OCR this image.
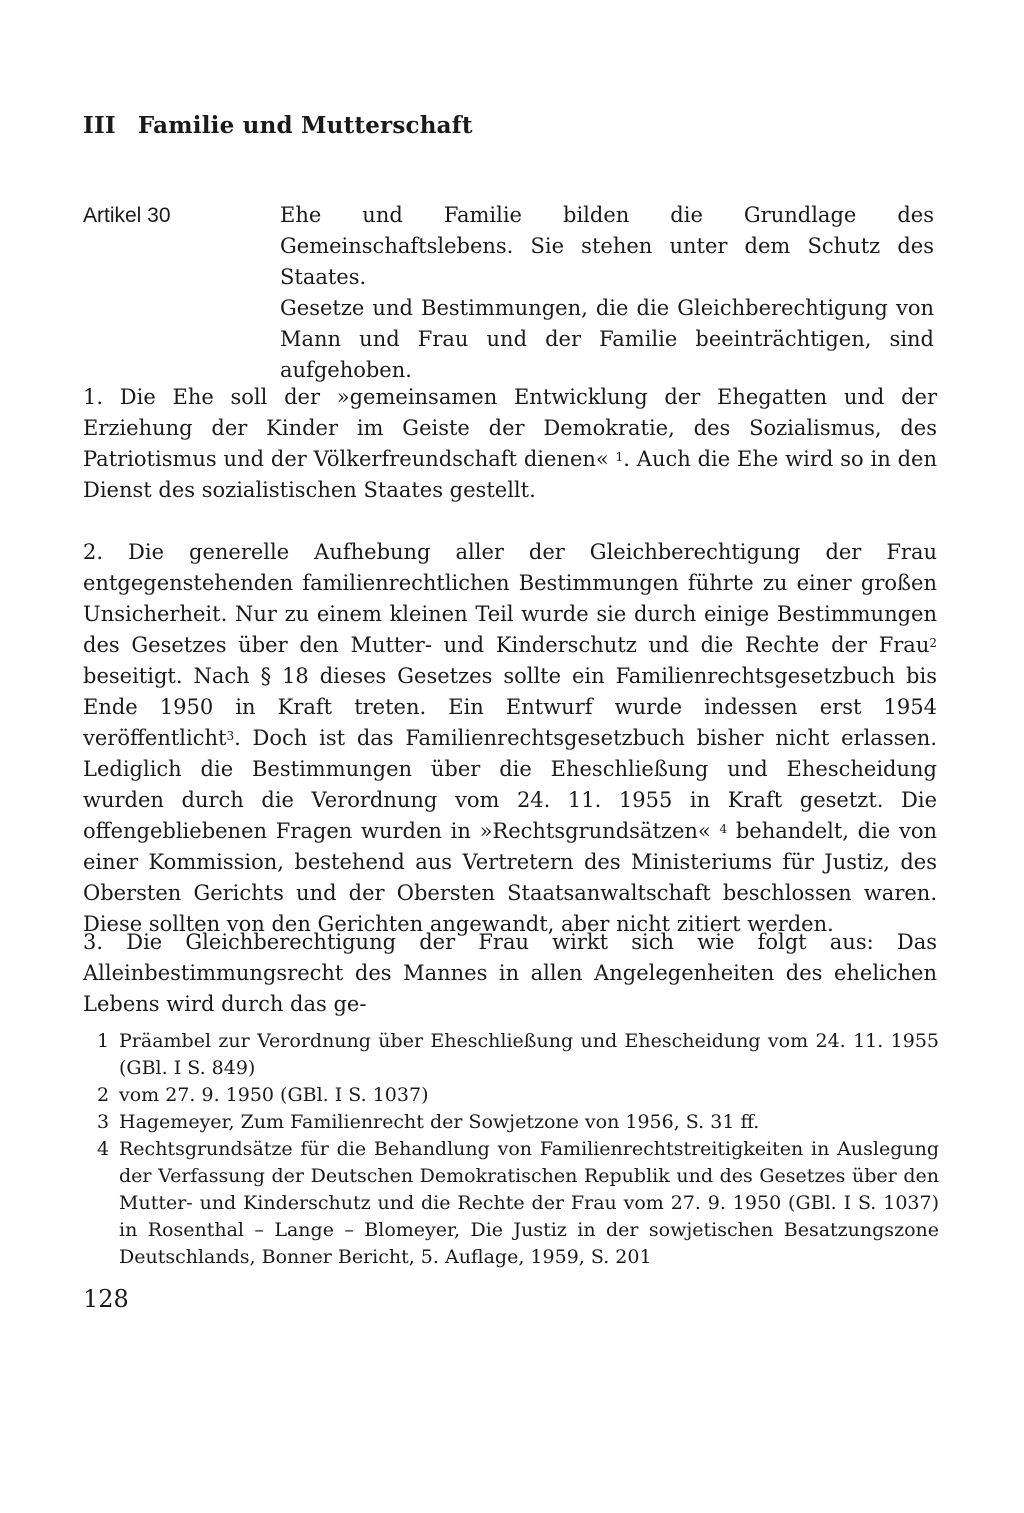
III Familie und Mutterschaft
Artikel 30	Ehe und Familie bilden die Grundlage des Gemeinschaftslebens. Sie stehen unter dem Schutz des Staates.

Gesetze und Bestimmungen, die die Gleichberechtigung von Mann und Frau und der Familie beeinträchtigen, sind aufgehoben.

1. Die Ehe soll der »gemeinsamen Entwicklung der Ehegatten und der Erziehung der Kinder im Geiste der Demokratie, des Sozialismus, des Patriotismus und der Völkerfreundschaft dienen« $^1$. Auch die Ehe wird so in den Dienst des sozialistischen Staates gestellt.

2. Die generelle Aufhebung aller der Gleichberechtigung der Frau entgegenstehenden familienrechtlichen Bestimmungen führte zu einer großen Unsicherheit. Nur zu einem kleinen Teil wurde sie durch einige Bestimmungen des Gesetzes über den Mutter- und Kinderschutz und die Rechte der Frau$^2$ beseitigt. Nach § 18 dieses Gesetzes sollte ein Familienrechtsgesetzbuch bis Ende 1950 in Kraft treten. Ein Entwurf wurde indessen erst 1954 veröffentlicht$^3$. Doch ist das Familienrechtsgesetzbuch bisher nicht erlassen. Lediglich die Bestimmungen über die Eheschließung und Ehescheidung wurden durch die Verordnung vom 24. 11. 1955 in Kraft gesetzt. Die offengebliebenen Fragen wurden in »Rechtsgrundsätzen« $^4$ behandelt, die von einer Kommission, bestehend aus Vertretern des Ministeriums für Justiz, des Obersten Gerichts und der Obersten Staatsanwaltschaft beschlossen waren. Diese sollten von den Gerichten angewandt, aber nicht zitiert werden.

3. Die Gleichberechtigung der Frau wirkt sich wie folgt aus: Das Alleinbestimmungsrecht des Mannes in allen Angelegenheiten des ehelichen Lebens wird durch das ge-

1 Präambel zur Verordnung über Eheschließung und Ehescheidung vom 24. 11. 1955 (GBl. I S. 849)
2 vom 27. 9. 1950 (GBl. I S. 1037)
3 Hagemeyer, Zum Familienrecht der Sowjetzone von 1956, S. 31 ff.
4 Rechtsgrundsätze für die Behandlung von Familienrechtstreitigkeiten in Auslegung der Verfassung der Deutschen Demokratischen Republik und des Gesetzes über den Mutter- und Kinderschutz und die Rechte der Frau vom 27. 9. 1950 (GBl. I S. 1037) in Rosenthal – Lange – Blomeyer, Die Justiz in der sowjetischen Besatzungszone Deutschlands, Bonner Bericht, 5. Auflage, 1959, S. 201
128
